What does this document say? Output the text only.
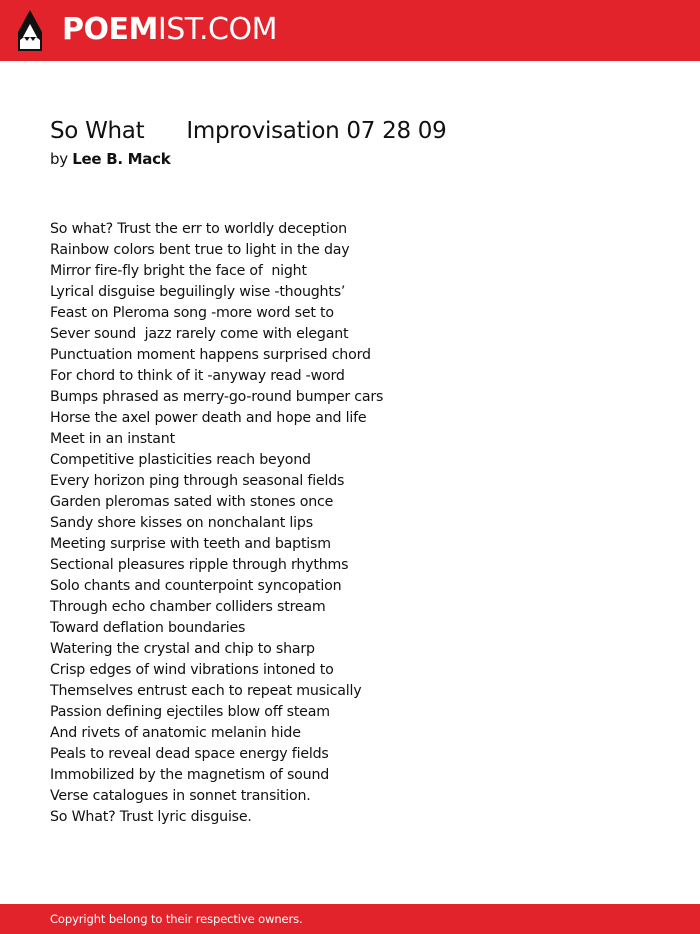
POEMIST.COM
So What      Improvisation 07 28 09
by Lee B. Mack
So what? Trust the err to worldly deception
Rainbow colors bent true to light in the day
Mirror fire-fly bright the face of  night
Lyrical disguise beguilingly wise -thoughts’
Feast on Pleroma song -more word set to
Sever sound  jazz rarely come with elegant
Punctuation moment happens surprised chord
For chord to think of it -anyway read -word
Bumps phrased as merry-go-round bumper cars
Horse the axel power death and hope and life
Meet in an instant
Competitive plasticities reach beyond
Every horizon ping through seasonal fields
Garden pleromas sated with stones once
Sandy shore kisses on nonchalant lips
Meeting surprise with teeth and baptism
Sectional pleasures ripple through rhythms
Solo chants and counterpoint syncopation
Through echo chamber colliders stream
Toward deflation boundaries
Watering the crystal and chip to sharp
Crisp edges of wind vibrations intoned to
Themselves entrust each to repeat musically
Passion defining ejectiles blow off steam
And rivets of anatomic melanin hide
Peals to reveal dead space energy fields
Immobilized by the magnetism of sound
Verse catalogues in sonnet transition.
So What? Trust lyric disguise.
Copyright belong to their respective owners.
